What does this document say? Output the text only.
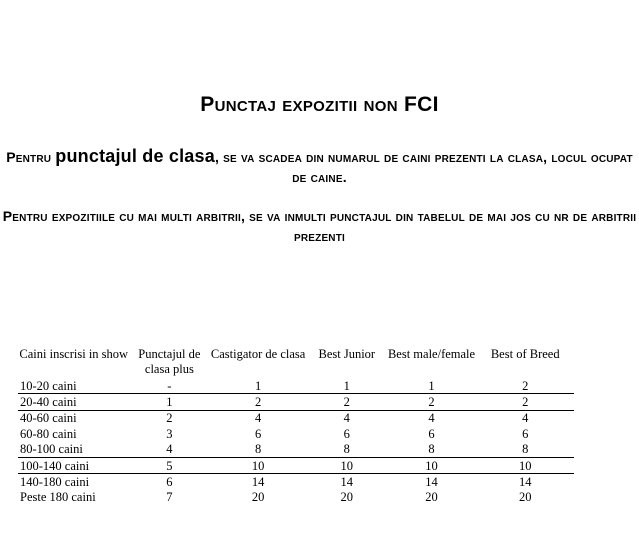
Punctaj expozitii non FCI
Pentru punctajul de clasa, se va scadea din numarul de caini prezenti la clasa, locul ocupat de caine.
Pentru expozitiile cu mai multi arbitrii, se va inmulti punctajul din tabelul de mai jos cu nr de arbitrii prezenti
Caini inscrisi in show	Punctajul de clasa plus	Castigator de clasa	Best Junior	Best male/female	Best of Breed
10-20 caini	-	1	1	1	2
20-40 caini	1	2	2	2	2
40-60 caini	2	4	4	4	4
60-80 caini	3	6	6	6	6
80-100 caini	4	8	8	8	8
100-140 caini	5	10	10	10	10
140-180 caini	6	14	14	14	14
Peste 180 caini	7	20	20	20	20
